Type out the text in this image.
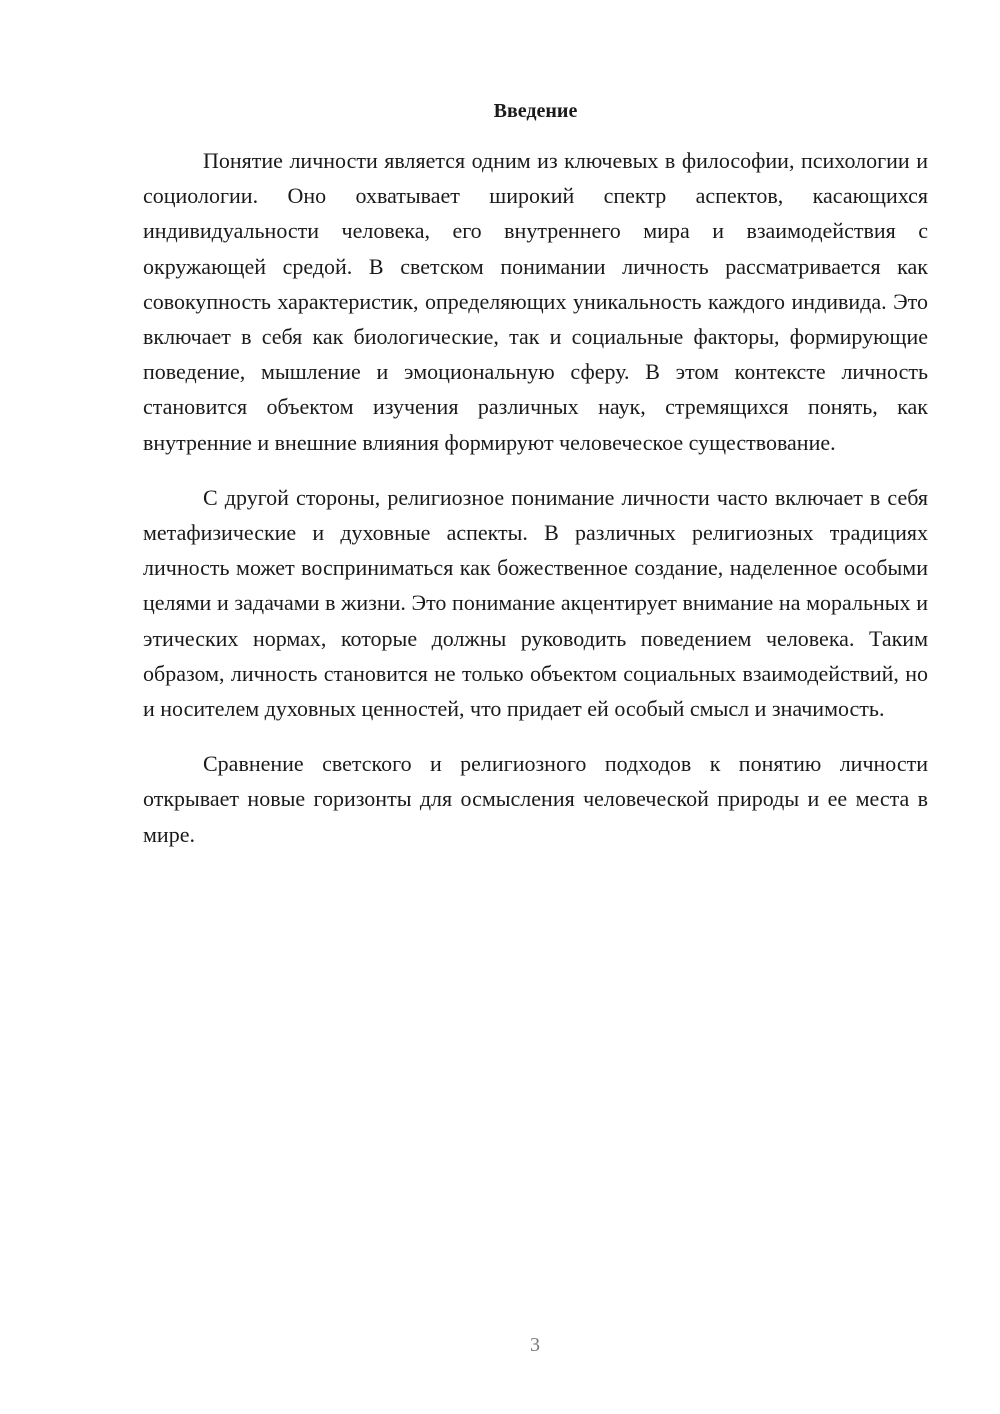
Введение

Понятие личности является одним из ключевых в философии, психологии и социологии. Оно охватывает широкий спектр аспектов, касающихся индивидуальности человека, его внутреннего мира и взаимодействия с окружающей средой. В светском понимании личность рассматривается как совокупность характеристик, определяющих уникальность каждого индивида. Это включает в себя как биологические, так и социальные факторы, формирующие поведение, мышление и эмоциональную сферу. В этом контексте личность становится объектом изучения различных наук, стремящихся понять, как внутренние и внешние влияния формируют человеческое существование.

С другой стороны, религиозное понимание личности часто включает в себя метафизические и духовные аспекты. В различных религиозных традициях личность может восприниматься как божественное создание, наделенное особыми целями и задачами в жизни. Это понимание акцентирует внимание на моральных и этических нормах, которые должны руководить поведением человека. Таким образом, личность становится не только объектом социальных взаимодействий, но и носителем духовных ценностей, что придает ей особый смысл и значимость.

Сравнение светского и религиозного подходов к понятию личности открывает новые горизонты для осмысления человеческой природы и ее места в мире.

3
